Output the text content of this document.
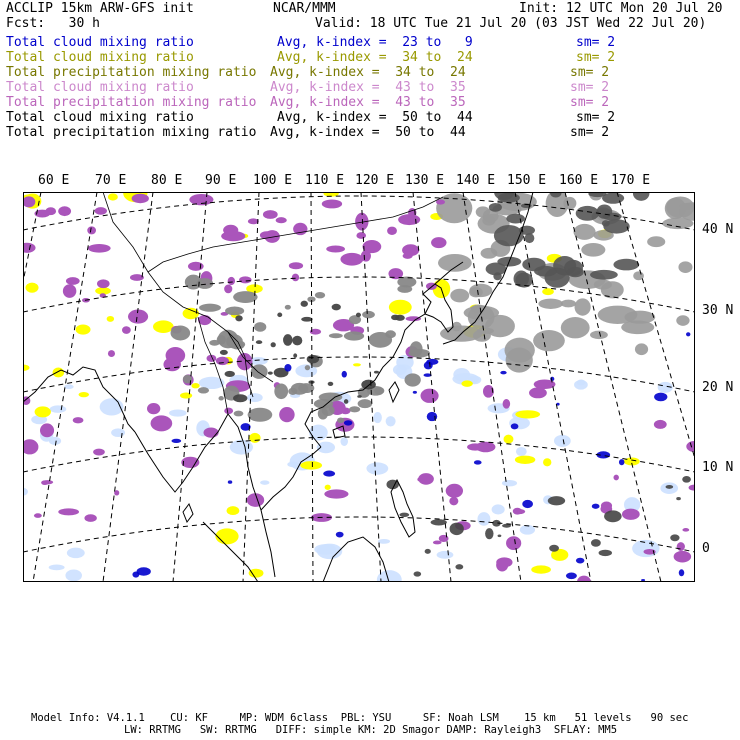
ACCLIP 15km ARW-GFS init	NCAR/MMM	Init: 12 UTC Mon 20 Jul 20
Fcst:   30 h	Valid: 18 UTC Tue 21 Jul 20 (03 JST Wed 22 Jul 20)
Total cloud mixing ratio	Avg, k-index =  23 to   9	sm= 2
Total cloud mixing ratio	Avg, k-index =  34 to  24	sm= 2
Total precipitation mixing ratio Avg, k-index =  34 to  24	sm= 2
Total cloud mixing ratio	Avg, k-index =  43 to  35	sm= 2
Total precipitation mixing ratio Avg, k-index =  43 to  35	sm= 2
Total cloud mixing ratio	Avg, k-index =  50 to  44	sm= 2
Total precipitation mixing ratio Avg, k-index =  50 to  44	sm= 2
60 E 70 E 80 E 90 E 100 E 110 E 120 E 130 E 140 E 150 E 160 E 170 E
40 N
30 N
20 N
10 N
0
Model Info: V4.1.1    CU: KF     MP: WDM 6class  PBL: YSU     SF: Noah LSM    15 km   51 levels   90 sec
LW: RRTMG   SW: RRTMG   DIFF: simple KM: 2D Smagor DAMP: Rayleigh3  SFLAY: MM5
